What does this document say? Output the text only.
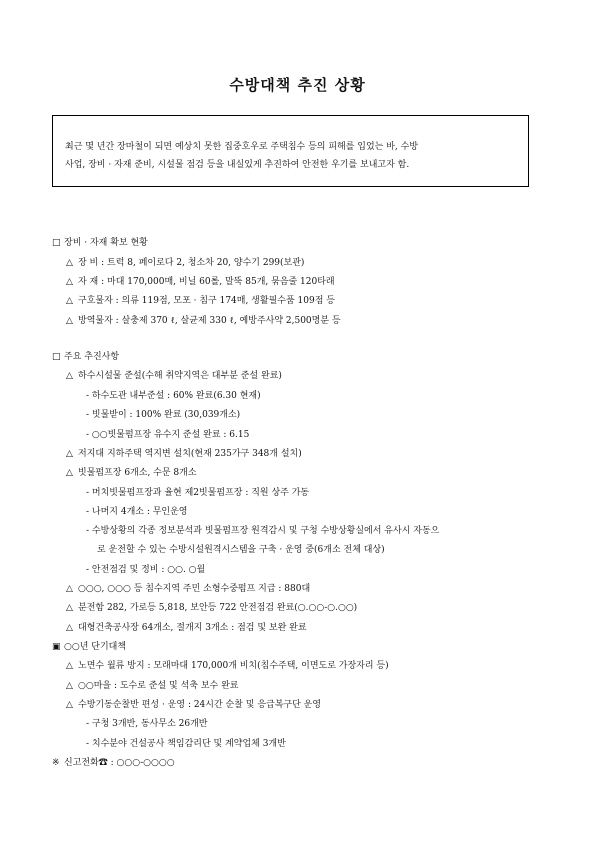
수방대책 추진 상황
최근 몇 년간 장마철이 되면 예상치 못한 집중호우로 주택침수 등의 피해를 입었는 바, 수방
사업, 장비 · 자재 준비, 시설물 점검 등을 내실있게 추진하여 안전한 우기를 보내고자 함.
□ 장비 · 자재 확보 현황
△ 장 비 : 트럭 8, 페이로다 2, 청소차 20, 양수기 299(보관)
△ 자 재 : 마대 170,000매, 비닐 60롤, 말뚝 85개, 묶음줄 120타래
△ 구호물자 : 의류 119점, 모포 · 침구 174매, 생활필수품 109점 등
△ 방역물자 : 살충제 370 ℓ, 살균제 330 ℓ, 예방주사약 2,500명분 등
□ 주요 추진사항
△ 하수시설물 준설(수해 취약지역은 대부분 준설 완료)
- 하수도관 내부준설 : 60% 완료(6.30 현재)
- 빗물받이 : 100% 완료 (30,039개소)
- ○○빗물펌프장 유수지 준설 완료 : 6.15
△ 저지대 지하주택 역지변 설치(현재 235가구 348개 설치)
△ 빗물펌프장 6개소, 수문 8개소
- 머치빗물펌프장과 율현 제2빗물펌프장 : 직원 상주 가동
- 나머지 4개소 : 무인운영
- 수방상황의 각종 정보분석과 빗물펌프장 원격감시 및 구청 수방상황실에서 유사시 자동으
로 운전할 수 있는 수방시설원격시스템을 구축 · 운영 중(6개소 전체 대상)
- 안전점검 및 정비 : ○○. ○월
△ ○○○, ○○○ 등 침수지역 주민 소형수중펌프 지급 : 880대
△ 분전함 282, 가로등 5,818, 보안등 722 안전점검 완료(○.○○-○.○○)
△ 대형건축공사장 64개소, 절개지 3개소 : 점검 및 보완 완료
▣ ○○년 단기대책
△ 노면수 월류 방지 : 모래마대 170,000개 비치(침수주택, 이면도로 가장자리 등)
△ ○○마을 : 도수로 준설 및 석축 보수 완료
△ 수방기동순찰반 편성 · 운영 : 24시간 순찰 및 응급복구단 운영
- 구청 3개반, 동사무소 26개반
- 치수분야 건설공사 책임감리단 및 계약업체 3개반
※ 신고전화☎ : ○○○-○○○○
